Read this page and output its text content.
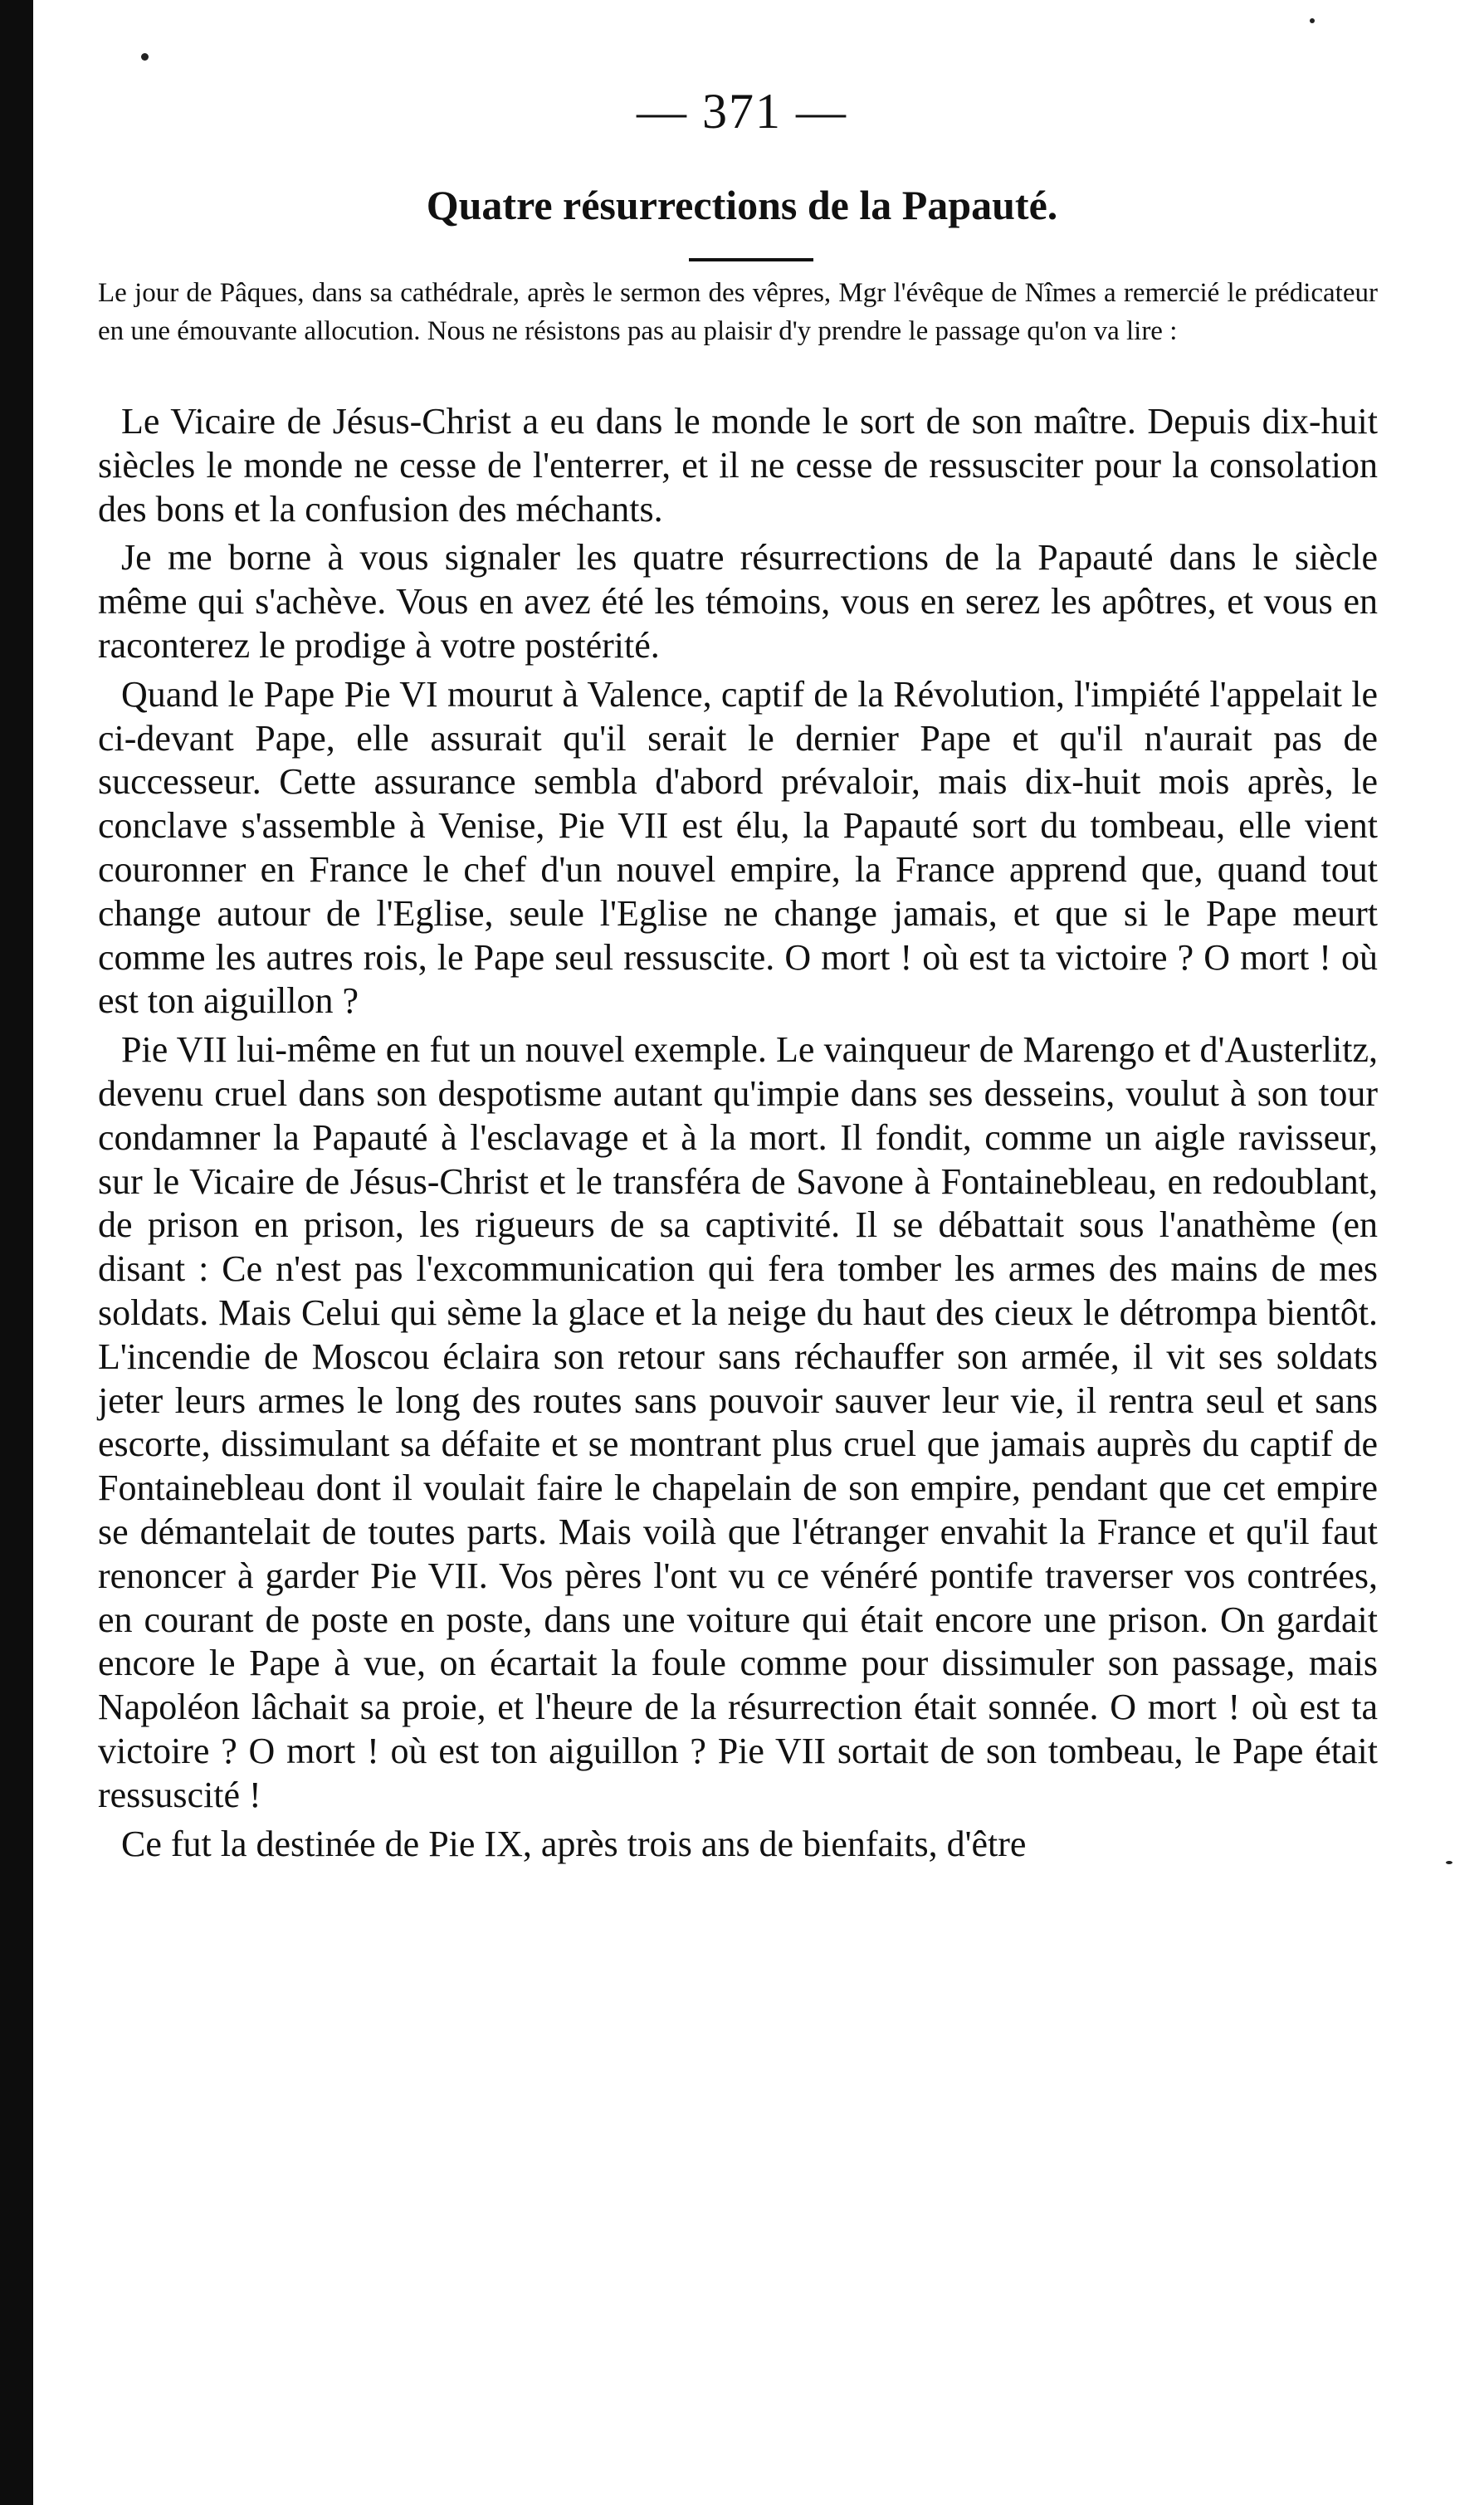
— 371 —
Quatre résurrections de la Papauté.

Le jour de Pâques, dans sa cathédrale, après le sermon des vêpres, Mgr l'évêque de Nîmes a remercié le prédicateur en une émouvante allocution. Nous ne résistons pas au plaisir d'y prendre le passage qu'on va lire :

Le Vicaire de Jésus-Christ a eu dans le monde le sort de son maître. Depuis dix-huit siècles le monde ne cesse de l'enterrer, et il ne cesse de ressusciter pour la consolation des bons et la confusion des méchants.

Je me borne à vous signaler les quatre résurrections de la Papauté dans le siècle même qui s'achève. Vous en avez été les témoins, vous en serez les apôtres, et vous en raconterez le prodige à votre postérité.

Quand le Pape Pie VI mourut à Valence, captif de la Révolution, l'impiété l'appelait le ci-devant Pape, elle assurait qu'il serait le dernier Pape et qu'il n'aurait pas de successeur. Cette assurance sembla d'abord prévaloir, mais dix-huit mois après, le conclave s'assemble à Venise, Pie VII est élu, la Papauté sort du tombeau, elle vient couronner en France le chef d'un nouvel empire, la France apprend que, quand tout change autour de l'Eglise, seule l'Eglise ne change jamais, et que si le Pape meurt comme les autres rois, le Pape seul ressuscite. O mort ! où est ta victoire ? O mort ! où est ton aiguillon ?

Pie VII lui-même en fut un nouvel exemple. Le vainqueur de Marengo et d'Austerlitz, devenu cruel dans son despotisme autant qu'impie dans ses desseins, voulut à son tour condamner la Papauté à l'esclavage et à la mort. Il fondit, comme un aigle ravisseur, sur le Vicaire de Jésus-Christ et le transféra de Savone à Fontainebleau, en redoublant, de prison en prison, les rigueurs de sa captivité. Il se débattait sous l'anathème (en disant : Ce n'est pas l'excommunication qui fera tomber les armes des mains de mes soldats. Mais Celui qui sème la glace et la neige du haut des cieux le détrompa bientôt. L'incendie de Moscou éclaira son retour sans réchauffer son armée, il vit ses soldats jeter leurs armes le long des routes sans pouvoir sauver leur vie, il rentra seul et sans escorte, dissimulant sa défaite et se montrant plus cruel que jamais auprès du captif de Fontainebleau dont il voulait faire le chapelain de son empire, pendant que cet empire se démantelait de toutes parts. Mais voilà que l'étranger envahit la France et qu'il faut renoncer à garder Pie VII. Vos pères l'ont vu ce vénéré pontife traverser vos contrées, en courant de poste en poste, dans une voiture qui était encore une prison. On gardait encore le Pape à vue, on écartait la foule comme pour dissimuler son passage, mais Napoléon lâchait sa proie, et l'heure de la résurrection était sonnée. O mort ! où est ta victoire ? O mort ! où est ton aiguillon ? Pie VII sortait de son tombeau, le Pape était ressuscité !

Ce fut la destinée de Pie IX, après trois ans de bienfaits, d'être
